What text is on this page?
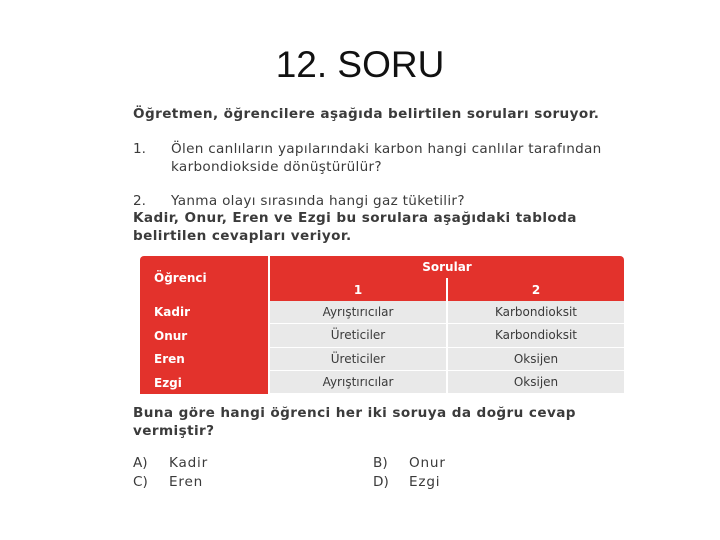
12. SORU
Öğretmen, öğrencilere aşağıda belirtilen soruları soruyor.
1.	Ölen canlıların yapılarındaki karbon hangi canlılar tarafından karbondiokside dönüştürülür?
2.	Yanma olayı sırasında hangi gaz tüketilir?
Kadir, Onur, Eren ve Ezgi bu sorulara aşağıdaki tabloda belirtilen cevapları veriyor.
Öğrenci	Sorular	
	1	2
Kadir	Ayrıştırıcılar	Karbondioksit
Onur	Üreticiler	Karbondioksit
Eren	Üreticiler	Oksijen
Ezgi	Ayrıştırıcılar	Oksijen
Buna göre hangi öğrenci her iki soruya da doğru cevap vermiştir?
A)	Kadir	B)	Onur
C)	Eren	D)	Ezgi
